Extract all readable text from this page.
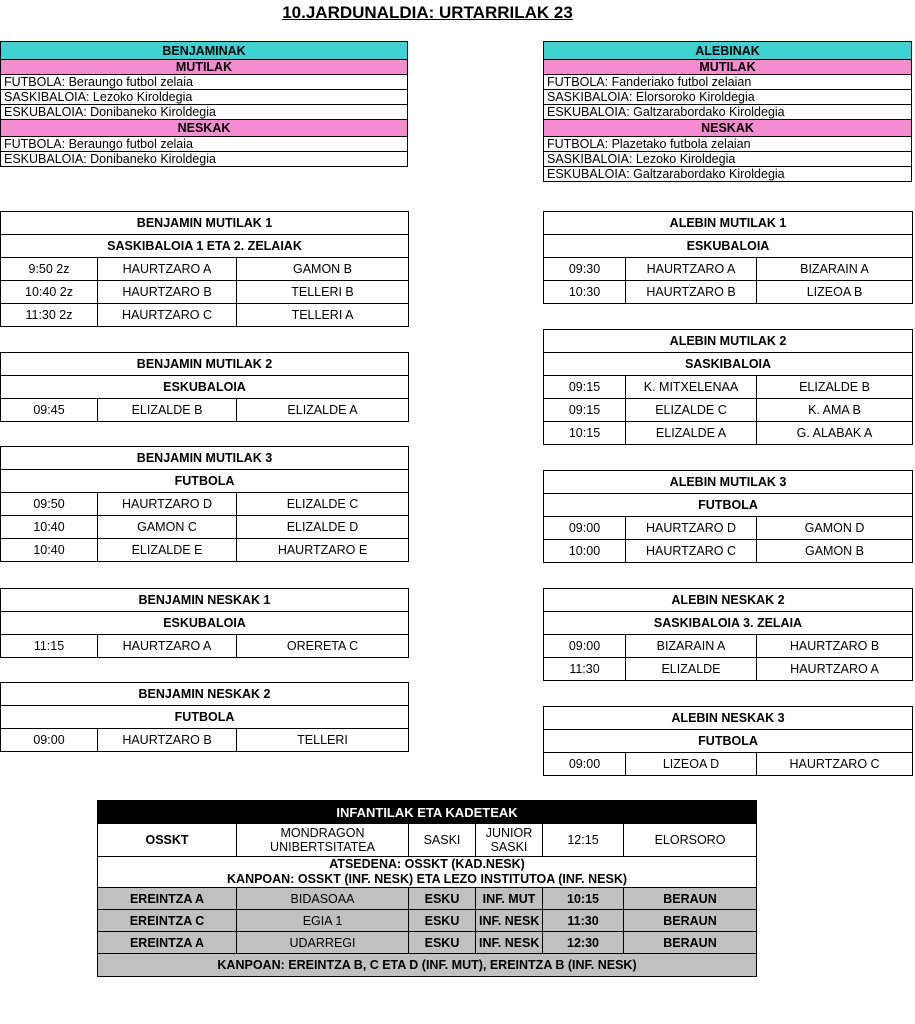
10.JARDUNALDIA: URTARRILAK 23
BENJAMINAK
MUTILAK
FUTBOLA: Beraungo futbol zelaia
SASKIBALOIA: Lezoko Kiroldegia
ESKUBALOIA: Donibaneko Kiroldegia
NESKAK
FUTBOLA: Beraungo futbol zelaia
ESKUBALOIA: Donibaneko Kiroldegia
ALEBINAK
MUTILAK
FUTBOLA: Fanderiako futbol zelaian
SASKIBALOIA: Elorsoroko Kiroldegia
ESKUBALOIA: Galtzarabordako Kiroldegia
NESKAK
FUTBOLA: Plazetako futbola zelaian
SASKIBALOIA: Lezoko Kiroldegia
ESKUBALOIA: Galtzarabordako Kiroldegia
BENJAMIN MUTILAK 1		
SASKIBALOIA 1 ETA 2. ZELAIAK		
9:50 2z	HAURTZARO A	GAMON B
10:40 2z	HAURTZARO B	TELLERI B
11:30 2z	HAURTZARO C	TELLERI A
BENJAMIN MUTILAK 2
ESKUBALOIA
09:45	ELIZALDE B	ELIZALDE A
BENJAMIN MUTILAK 3		
FUTBOLA		
09:50	HAURTZARO D	ELIZALDE C
10:40	GAMON C	ELIZALDE D
10:40	ELIZALDE E	HAURTZARO E
BENJAMIN NESKAK 1
ESKUBALOIA
11:15	HAURTZARO A	ORERETA C
BENJAMIN NESKAK 2
FUTBOLA
09:00	HAURTZARO B	TELLERI
ALEBIN MUTILAK 1		
ESKUBALOIA		
09:30	HAURTZARO A	BIZARAIN A
10:30	HAURTZARO B	LIZEOA B
ALEBIN MUTILAK 2		
SASKIBALOIA		
09:15	K. MITXELENAA	ELIZALDE B
09:15	ELIZALDE C	K. AMA B
10:15	ELIZALDE A	G. ALABAK A
ALEBIN MUTILAK 3		
FUTBOLA		
09:00	HAURTZARO D	GAMON D
10:00	HAURTZARO C	GAMON B
ALEBIN NESKAK 2		
SASKIBALOIA 3. ZELAIA		
09:00	BIZARAIN A	HAURTZARO B
11:30	ELIZALDE	HAURTZARO A
ALEBIN NESKAK 3
FUTBOLA
09:00	LIZEOA D	HAURTZARO C
INFANTILAK ETA KADETEAK					
OSSKT	MONDRAGON UNIBERTSITATEA	SASKI	JUNIOR SASKI	12:15	ELORSORO
ATSEDENA: OSSKT (KAD.NESK)
KANPOAN: OSSKT (INF. NESK) ETA LEZO INSTITUTOA (INF. NESK)					
EREINTZA A	BIDASOAA	ESKU	INF. MUT	10:15	BERAUN
EREINTZA C	EGIA 1	ESKU	INF. NESK	11:30	BERAUN
EREINTZA A	UDARREGI	ESKU	INF. NESK	12:30	BERAUN
KANPOAN: EREINTZA B, C ETA D (INF. MUT), EREINTZA B (INF. NESK)					
